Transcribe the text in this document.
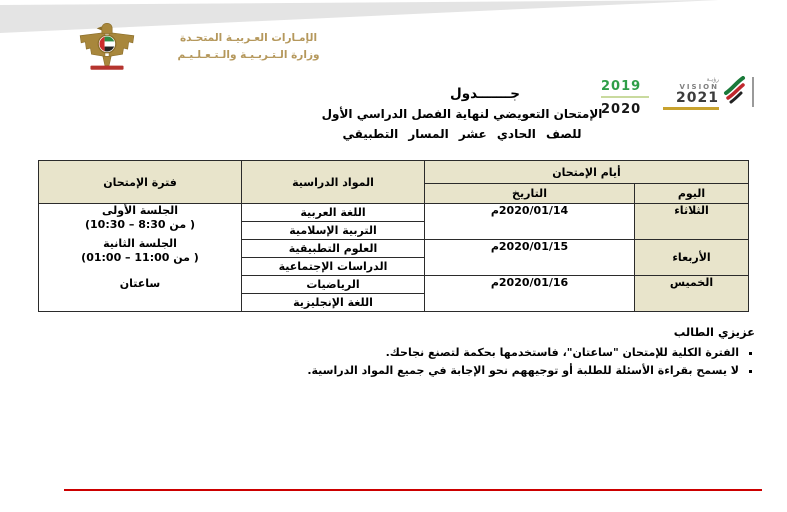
الإمـارات العـربيـة المتحـدة
وزارة الـتـربـيـة والـتـعـلـيـم
2019
2020
رؤيـة
VISION
2021
جـــــــدول
الإمتحان التعويضي لنهاية الفصل الدراسي الأول
للصف الحادي عشر المسار التطبيقي
أيام الإمتحان		المواد الدراسية	فترة الإمتحان
اليوم	التاريخ		
الثلاثاء	2020/01/14م	اللغة العربية	الجلسة الأولى
( من 8:30 – 10:30)
الجلسة الثانية
( من 11:00 – 01:00)
ساعتان

		التربية الإسلامية	
الأربعاء	2020/01/15م	العلوم التطبيقية	
		الدراسات الإجتماعية	
الخميس	2020/01/16م	الرياضيات	
		اللغة الإنجليزية	
عزيزي الطالب
▪ الفترة الكلية للإمتحان "ساعتان"، فاستخدمها بحكمة لتصنع نجاحك.
▪ لا يسمح بقراءة الأسئلة للطلبة أو توجيههم نحو الإجابة في جميع المواد الدراسية.
